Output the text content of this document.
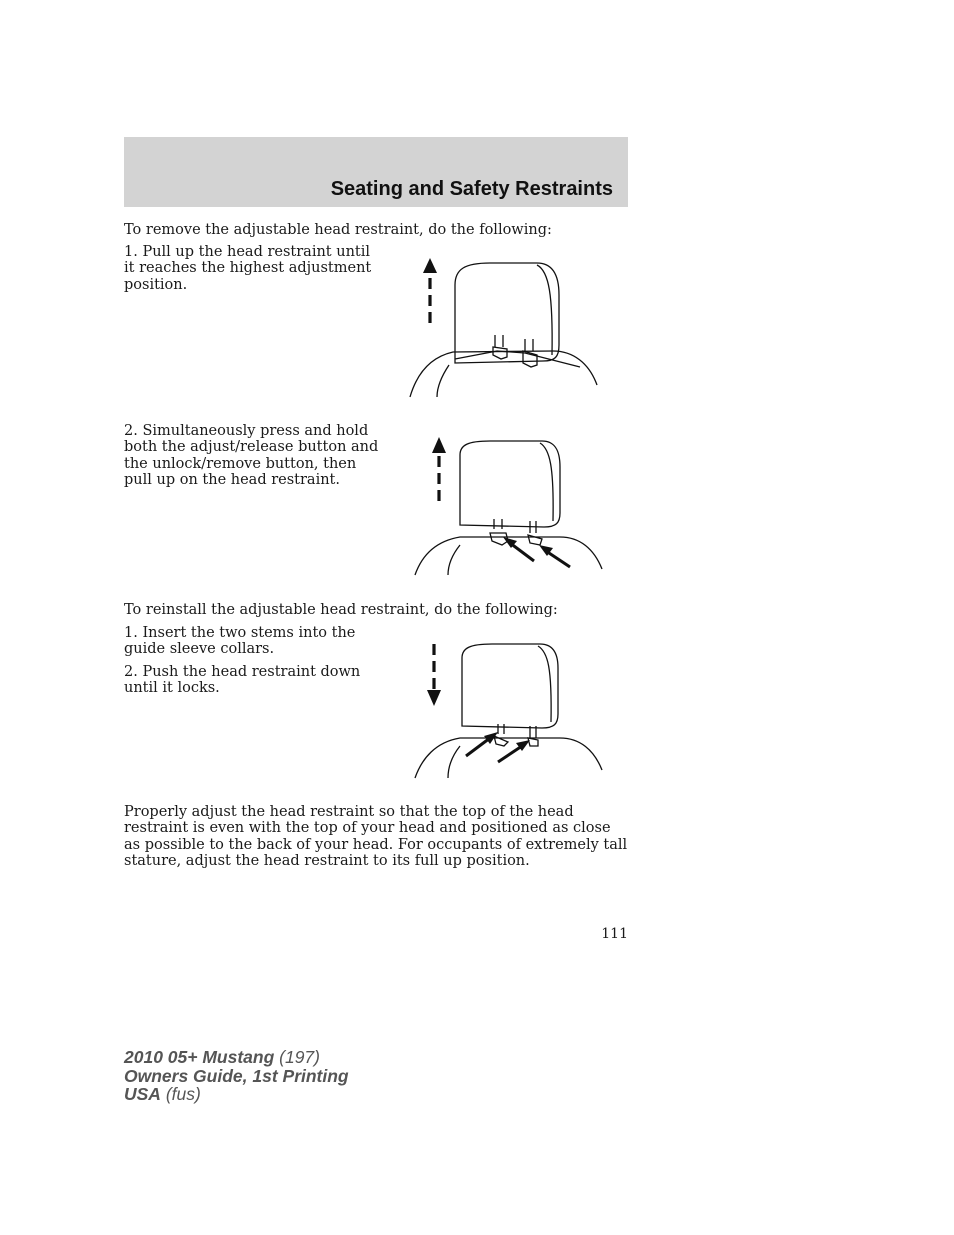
Seating and Safety Restraints

To remove the adjustable head restraint, do the following:

1. Pull up the head restraint until it reaches the highest adjustment position.

2. Simultaneously press and hold both the adjust/release button and the unlock/remove button, then pull up on the head restraint.

To reinstall the adjustable head restraint, do the following:

1. Insert the two stems into the guide sleeve collars.

2. Push the head restraint down until it locks.

Properly adjust the head restraint so that the top of the head restraint is even with the top of your head and positioned as close as possible to the back of your head. For occupants of extremely tall stature, adjust the head restraint to its full up position.

111

2010 05+ Mustang (197)
Owners Guide, 1st Printing
USA (fus)
